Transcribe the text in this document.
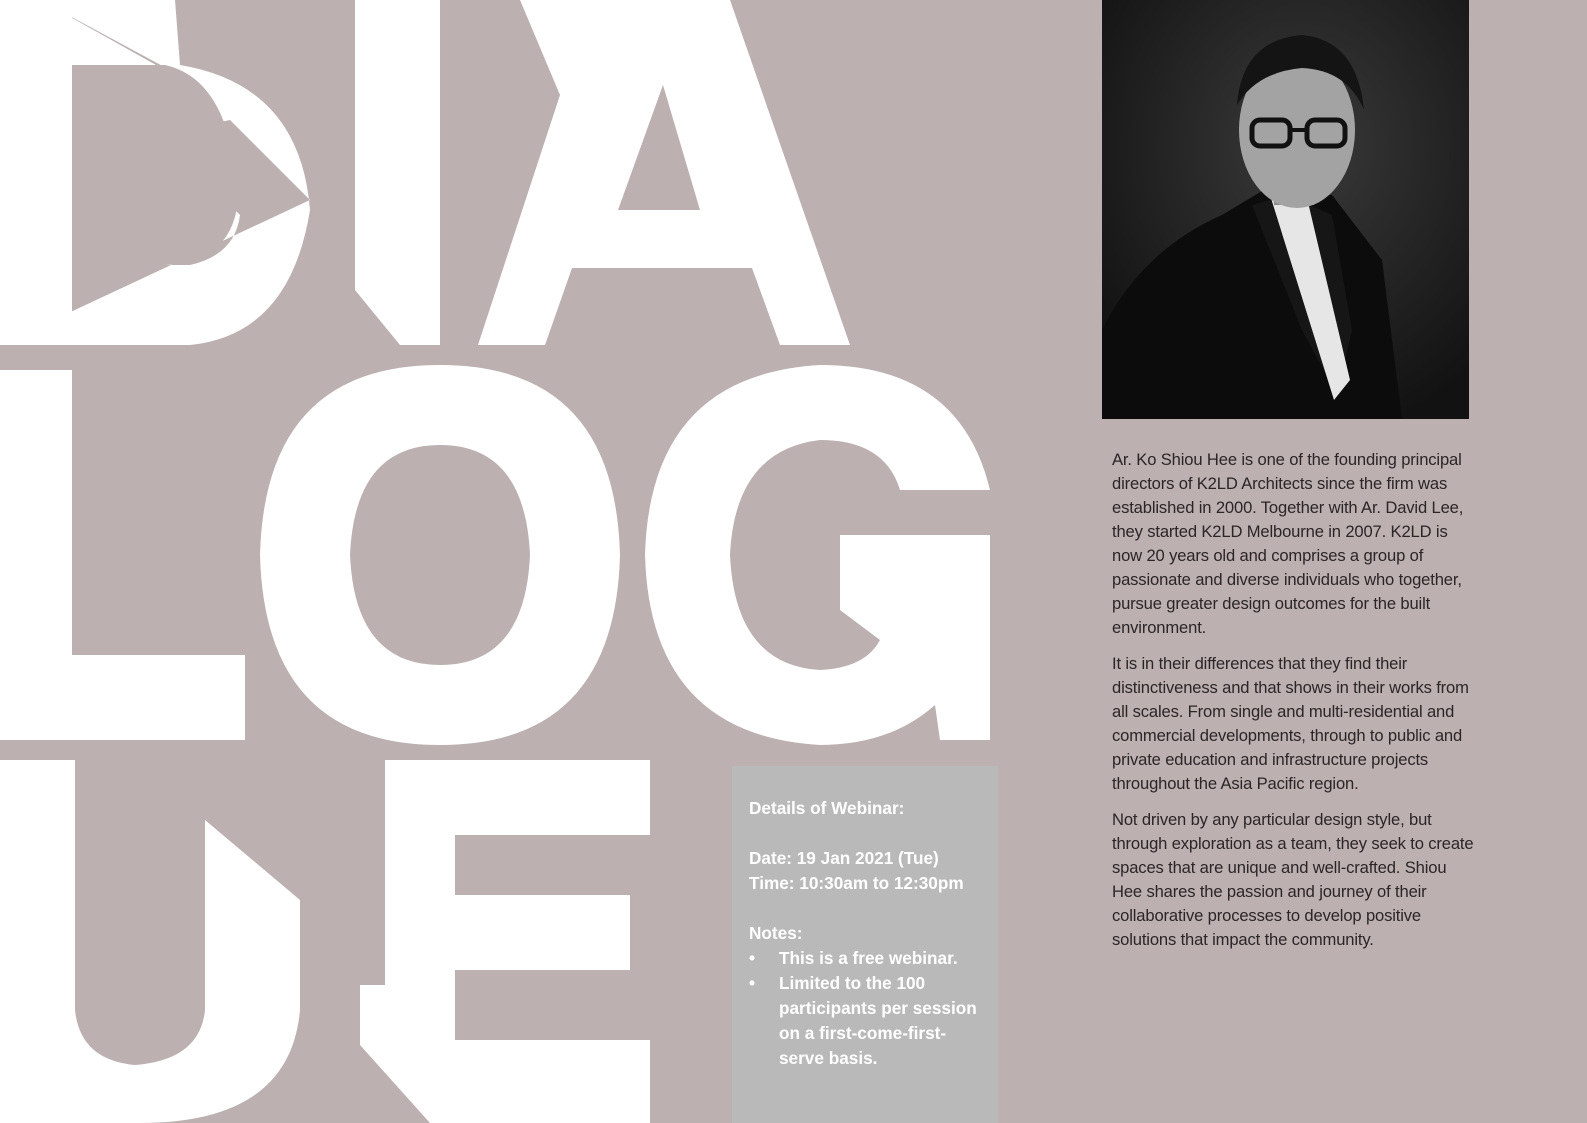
Ar. Ko Shiou Hee is one of the founding principal directors of K2LD Architects since the firm was established in 2000. Together with Ar. David Lee, they started K2LD Melbourne in 2007. K2LD is now 20 years old and comprises a group of passionate and diverse individuals who together, pursue greater design outcomes for the built environment.

It is in their differences that they find their distinctiveness and that shows in their works from all scales. From single and multi-residential and commercial developments, through to public and private education and infrastructure projects throughout the Asia Pacific region.

Not driven by any particular design style, but through exploration as a team, they seek to create spaces that are unique and well-crafted. Shiou Hee shares the passion and journey of their collaborative processes to develop positive solutions that impact the community.

Details of Webinar:

Date: 19 Jan 2021 (Tue)

Time: 10:30am to 12:30pm

Notes:

• This is a free webinar.
• Limited to the 100 participants per session on a first-come-first-serve basis.
